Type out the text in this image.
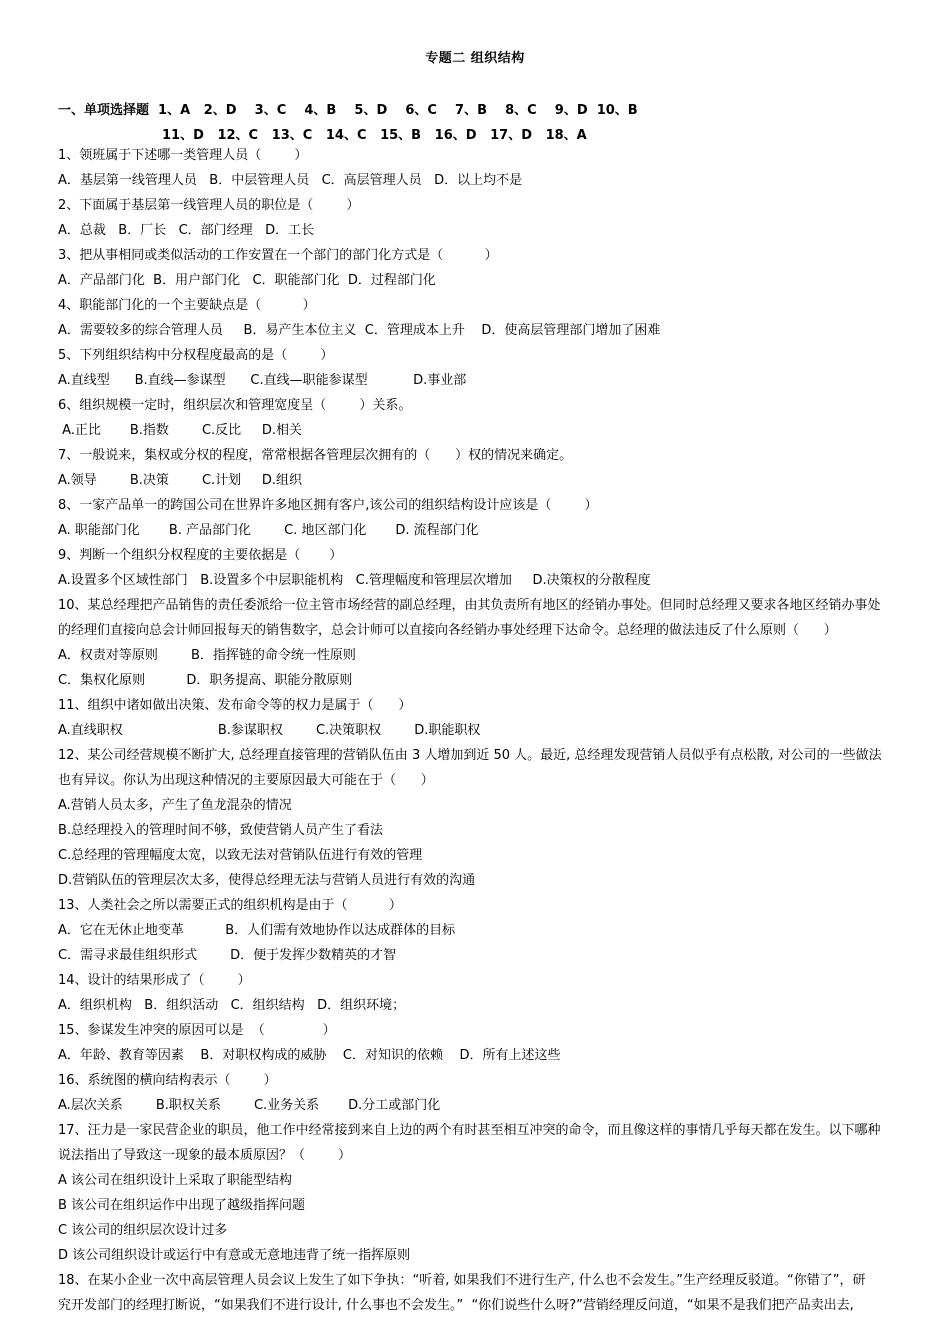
专题二 组织结构
一、单项选择题  1、A   2、D    3、C    4、B    5、D    6、C    7、B    8、C    9、D  10、B
11、D   12、C   13、C   14、C   15、B   16、D   17、D   18、A
1、领班属于下述哪一类管理人员（        ）
A．基层第一线管理人员   B．中层管理人员   C．高层管理人员   D．以上均不是
2、下面属于基层第一线管理人员的职位是（        ）
A．总裁   B．厂长   C．部门经理   D．工长
3、把从事相同或类似活动的工作安置在一个部门的部门化方式是（          ）
A．产品部门化  B．用户部门化   C．职能部门化  D．过程部门化
4、职能部门化的一个主要缺点是（          ）
A．需要较多的综合管理人员     B．易产生本位主义  C．管理成本上升    D．使高层管理部门增加了困难
5、下列组织结构中分权程度最高的是（        ）
A.直线型      B.直线—参谋型      C.直线—职能参谋型           D.事业部
6、组织规模一定时，组织层次和管理宽度呈（        ）关系。
A.正比       B.指数        C.反比     D.相关
7、一般说来，集权或分权的程度，常常根据各管理层次拥有的（      ）权的情况来确定。
A.领导        B.决策        C.计划     D.组织
8、一家产品单一的跨国公司在世界许多地区拥有客户,该公司的组织结构设计应该是（        ）
A. 职能部门化       B. 产品部门化        C. 地区部门化       D. 流程部门化
9、判断一个组织分权程度的主要依据是（       ）
A.设置多个区域性部门   B.设置多个中层职能机构   C.管理幅度和管理层次增加     D.决策权的分散程度
10、某总经理把产品销售的责任委派给一位主管市场经营的副总经理，由其负责所有地区的经销办事处。但同时总经理又要求各地区经销办事处
的经理们直接向总会计师回报每天的销售数字，总会计师可以直接向各经销办事处经理下达命令。总经理的做法违反了什么原则（      ）
A．权责对等原则        B．指挥链的命令统一性原则
C．集权化原则          D．职务提高、职能分散原则
11、组织中诸如做出决策、发布命令等的权力是属于（      ）
A.直线职权                       B.参谋职权        C.决策职权        D.职能职权
12、某公司经营规模不断扩大, 总经理直接管理的营销队伍由 3 人增加到近 50 人。最近, 总经理发现营销人员似乎有点松散, 对公司的一些做法
也有异议。你认为出现这种情况的主要原因最大可能在于（      ）
A.营销人员太多，产生了鱼龙混杂的情况
B.总经理投入的管理时间不够，致使营销人员产生了看法
C.总经理的管理幅度太宽，以致无法对营销队伍进行有效的管理
D.营销队伍的管理层次太多，使得总经理无法与营销人员进行有效的沟通
13、人类社会之所以需要正式的组织机构是由于（          ）
A．它在无休止地变革          B．人们需有效地协作以达成群体的目标
C．需寻求最佳组织形式        D．便于发挥少数精英的才智
14、设计的结果形成了（        ）
A．组织机构   B．组织活动   C．组织结构   D．组织环境；
15、参谋发生冲突的原因可以是  （              ）
A．年龄、教育等因素    B．对职权构成的威胁    C．对知识的依赖    D．所有上述这些
16、系统图的横向结构表示（        ）
A.层次关系        B.职权关系        C.业务关系       D.分工或部门化
17、汪力是一家民营企业的职员，他工作中经常接到来自上边的两个有时甚至相互冲突的命令，而且像这样的事情几乎每天都在发生。以下哪种
说法指出了导致这一现象的最本质原因？（        ）
A 该公司在组织设计上采取了职能型结构
B 该公司在组织运作中出现了越级指挥问题
C 该公司的组织层次设计过多
D 该公司组织设计或运行中有意或无意地违背了统一指挥原则
18、在某小企业一次中高层管理人员会议上发生了如下争执：“听着, 如果我们不进行生产, 什么也不会发生。”生产经理反驳道。“你错了”，研
究开发部门的经理打断说，“如果我们不进行设计, 什么事也不会发生。”  “你们说些什么呀?”营销经理反问道，“如果不是我们把产品卖出去,
